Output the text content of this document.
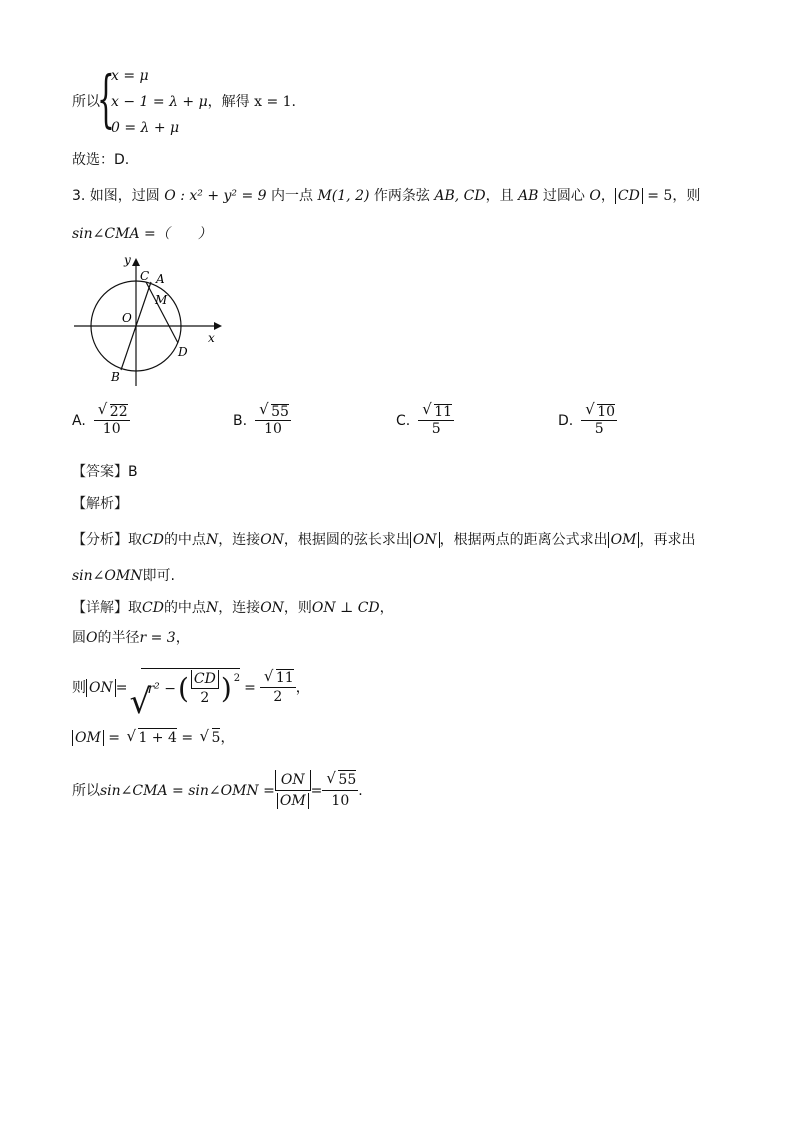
所以
{
x = μ
x − 1 = λ + μ，解得 x = 1.
0 = λ + μ
故选：D.
3. 如图，过圆 O : x² + y² = 9 内一点 M(1, 2) 作两条弦 AB, CD，且 AB 过圆心 O， CD = 5，则
sin∠CMA =（　　）
y
x
O
C A
M
D
B
A. $\frac{√ 22}{10}$	B. $\frac{√ 55}{10}$	C. $\frac{√ 11}{5}$	D. $\frac{√ 10}{5}$
【答案】B
【解析】
【分析】取CD的中点N，连接ON，根据圆的弦长求出 ON ，根据两点的距离公式求出 OM ，再求出
sin∠OMN即可.
【详解】取CD的中点N，连接ON，则ON ⊥ CD，
圆O的半径r = 3，
则 ON = √
r² − ( $\frac{CD}{2} )^2$
= $\frac{√ 11}{2}$ ，
OM = √ 1 + 4 = √ 5，
所以 sin∠CMA = sin∠OMN = $\frac{ON}{OM} = \frac{√ 55}{10}$ .
